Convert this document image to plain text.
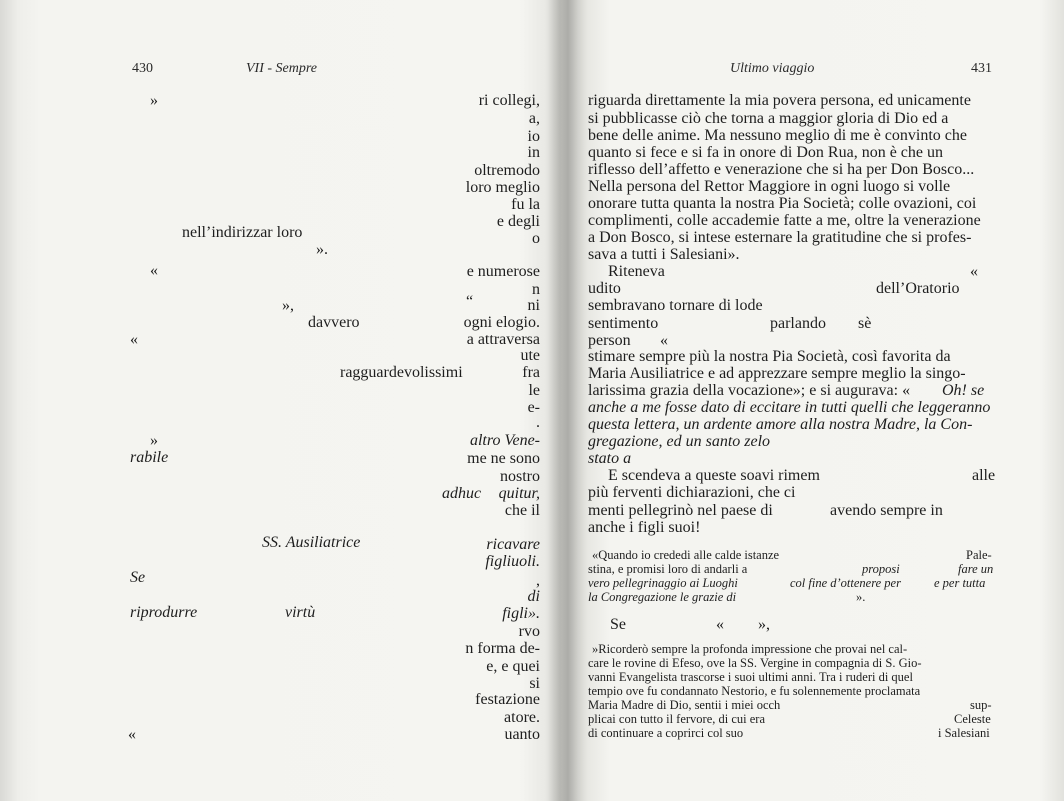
430	VII - Sempre
»	ri collegi,
a,
io
in
oltremodo
loro meglio
fu la
e degli
nell’indirizzar loro	o
».
«	e numerose
n
“
»,	ni
davvero	ogni elogio.
«	a attraversa
ute
ragguardevolissimi	fra
le
e-
.
»	altro Vene-
rabile	me ne sono
nostro
adhuc quitur,
che il
SS. Ausiliatrice	ricavare
figliuoli.
Se	,
di
riprodurre	virtù	figli».
rvo
n forma de-
e, e quei
si
festazione
atore.
«	uanto
Ultimo viaggio	431
riguarda direttamente la mia povera persona, ed unicamente
si pubblicasse ciò che torna a maggior gloria di Dio ed a
bene delle anime. Ma nessuno meglio di me è convinto che
quanto si fece e si fa in onore di Don Rua, non è che un
riflesso dell’affetto e venerazione che si ha per Don Bosco...
Nella persona del Rettor Maggiore in ogni luogo si volle
onorare tutta quanta la nostra Pia Società; colle ovazioni, coi
complimenti, colle accademie fatte a me, oltre la venerazione
a Don Bosco, si intese esternare la gratitudine che si profes-
sava a tutti i Salesiani».
Riteneva	«
udito	dell’Oratorio
sembravano tornare di lode
sentimento	parlando sè
person «
stimare sempre più la nostra Pia Società, così favorita da
Maria Ausiliatrice e ad apprezzare sempre meglio la singo-
larissima grazia della vocazione»; e si augurava: « Oh! se
anche a me fosse dato di eccitare in tutti quelli che leggeranno
questa lettera, un ardente amore alla nostra Madre, la Con-
gregazione, ed un santo zelo
stato a
E scendeva a queste soavi rimem	alle
più ferventi dichiarazioni, che ci
menti pellegrinò nel paese di	avendo sempre in
anche i figli suoi!
«Quando io crededi alle calde istanze	Pale-
stina, e promisi loro di andarli a	proposi	fare un
vero pellegrinaggio ai Luoghi	col fine d’ottenere per	e per tutta
la Congregazione le grazie di	».
Se	« »,
»Ricorderò sempre la profonda impressione che provai nel cal-
care le rovine di Efeso, ove la SS. Vergine in compagnia di S. Gio-
vanni Evangelista trascorse i suoi ultimi anni. Tra i ruderi di quel
tempio ove fu condannato Nestorio, e fu solennemente proclamata
Maria Madre di Dio, sentii i miei occh	sup-
plicai con tutto il fervore, di cui era	Celeste
di continuare a coprirci col suo	i Salesiani
